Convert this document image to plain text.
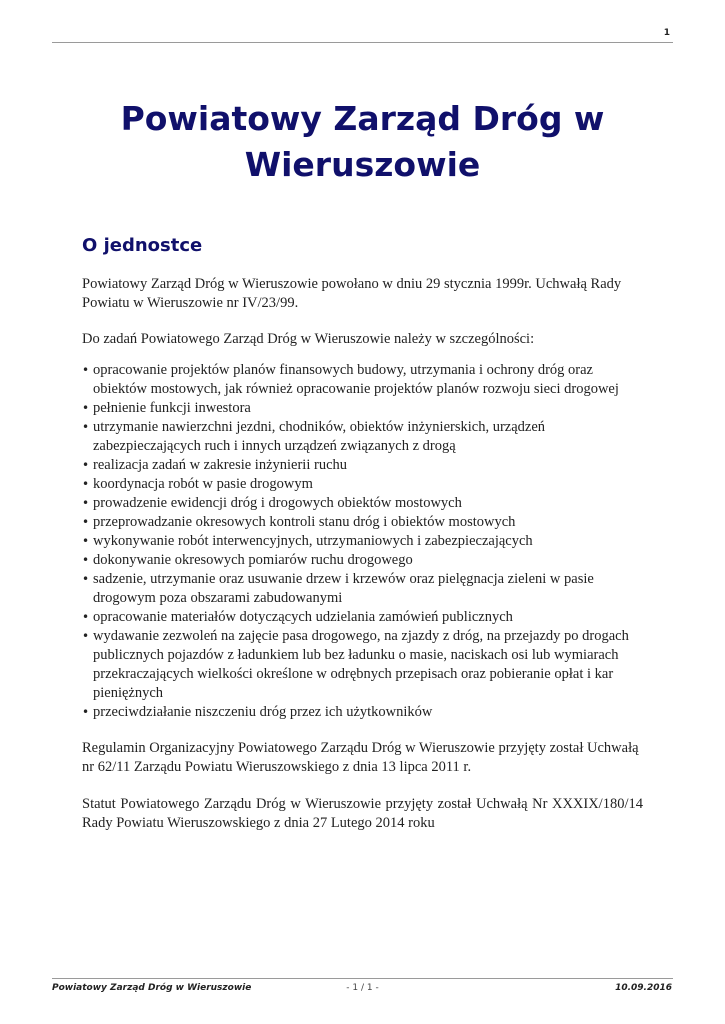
1
Powiatowy Zarząd Dróg w Wieruszowie
O jednostce

Powiatowy Zarząd Dróg w Wieruszowie powołano w dniu 29 stycznia 1999r. Uchwałą Rady Powiatu w Wieruszowie nr IV/23/99.

Do zadań Powiatowego Zarząd Dróg w Wieruszowie należy w szczególności:

• opracowanie projektów planów finansowych budowy, utrzymania i ochrony dróg oraz obiektów mostowych, jak również opracowanie projektów planów rozwoju sieci drogowej
• pełnienie funkcji inwestora
• utrzymanie nawierzchni jezdni, chodników, obiektów inżynierskich, urządzeń zabezpieczających ruch i innych urządzeń związanych z drogą
• realizacja zadań w zakresie inżynierii ruchu
• koordynacja robót w pasie drogowym
• prowadzenie ewidencji dróg i drogowych obiektów mostowych
• przeprowadzanie okresowych kontroli stanu dróg i obiektów mostowych
• wykonywanie robót interwencyjnych, utrzymaniowych i zabezpieczających
• dokonywanie okresowych pomiarów ruchu drogowego
• sadzenie, utrzymanie oraz usuwanie drzew i krzewów oraz pielęgnacja zieleni w pasie drogowym poza obszarami zabudowanymi
• opracowanie materiałów dotyczących udzielania zamówień publicznych
• wydawanie zezwoleń na zajęcie pasa drogowego, na zjazdy z dróg, na przejazdy po drogach publicznych pojazdów z ładunkiem lub bez ładunku o masie, naciskach osi lub wymiarach przekraczających wielkości określone w odrębnych przepisach oraz pobieranie opłat i kar pieniężnych
• przeciwdziałanie niszczeniu dróg przez ich użytkowników

Regulamin Organizacyjny Powiatowego Zarządu Dróg w Wieruszowie przyjęty został Uchwałą nr 62/11 Zarządu Powiatu Wieruszowskiego z dnia 13 lipca 2011 r.

Statut Powiatowego Zarządu Dróg w Wieruszowie przyjęty został Uchwałą Nr XXXIX/180/14 Rady Powiatu Wieruszowskiego z dnia 27 Lutego 2014 roku

Powiatowy Zarząd Dróg w Wieruszowie	- 1 / 1 -	10.09.2016
